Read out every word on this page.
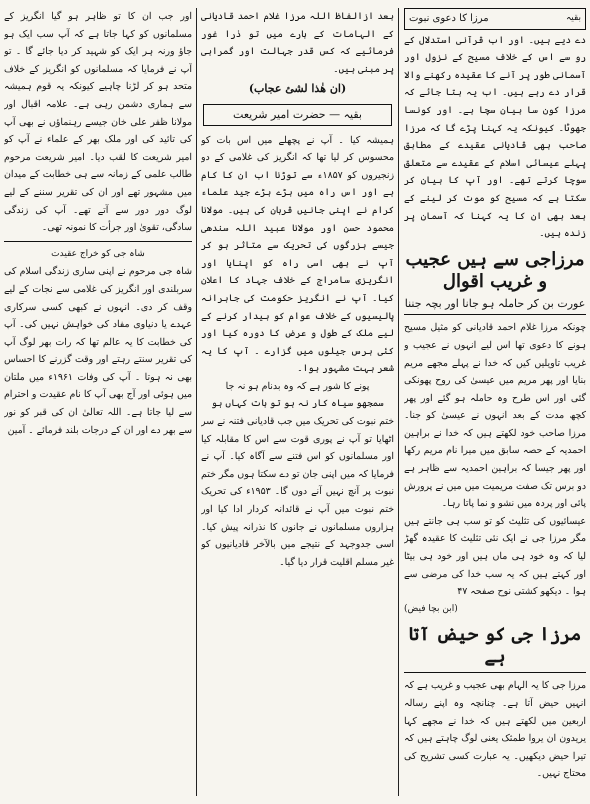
بقیہ
مرزا کا دعوی نبوت

دے دیے ہیں۔ اور اب قرآنی استدلال کے رو سے اس کے خلاف مسیح کے نزول اور آسمانی طور پر آنے کا عقیدہ رکھنے والا قرار دے رہے ہیں۔ اب یہ بتا جائے کہ مرزا کون سا بیان سچا ہے۔ اور کونسا جھوٹا۔ کیونکہ یہ کہنا پڑے گا کہ مرزا صاحب بھی قادیانی عقیدے کے مطابق پہلے عیسائی اسلام کے عقیدے سے متعلق سوچا کرتے تھے۔ اور آپ کا بیان کر سکتا ہے کہ مسیح کو موت کر لینے کے بعد بھی ان کا یہ کہنا کہ آسمان پر زندہ ہیں۔

مرزاجی سے ہیں عجیب و غریب اقوال
عورت بن کر حاملہ ہو جانا اور بچہ جننا

چونکہ مرزا غلام احمد قادیانی کو مثیل مسیح ہونے کا دعوی تھا اس لیے انہوں نے عجیب و غریب تاویلیں کیں کہ خدا نے پہلے مجھے مریم بنایا اور پھر مریم میں عیسیٰ کی روح پھونکی گئی اور اس طرح وہ حاملہ ہو گئے اور پھر کچھ مدت کے بعد انہوں نے عیسیٰ کو جنا۔ مرزا صاحب خود لکھتے ہیں کہ خدا نے براہین احمدیہ کے حصہ سابق میں میرا نام مریم رکھا اور پھر جیسا کہ براہین احمدیہ سے ظاہر ہے دو برس تک صفت مریمیت میں میں نے پرورش پائی اور پردہ میں نشو و نما پاتا رہا۔

عیسائیوں کی تثلیث کو تو سب ہی جانتے ہیں مگر مرزا جی نے ایک نئی تثلیث کا عقیدہ گھڑ لیا کہ وہ خود ہی ماں ہیں اور خود ہی بیٹا اور کہتے ہیں کہ یہ سب خدا کی مرضی سے ہوا ۔ دیکھو کشتی نوح صفحہ ۴۷

(ابن بچا فیض)
مرزا جی کو حیض آتا ہے

مرزا جی کا یہ الہام بھی عجیب و غریب ہے کہ انہیں حیض آتا ہے۔ چنانچہ وہ اپنے رسالہ اربعین میں لکھتے ہیں کہ خدا نے مجھے کہا یریدون ان یروا طمثک یعنی لوگ چاہتے ہیں کہ تیرا حیض دیکھیں۔ یہ عبارت کسی تشریح کی محتاج نہیں۔

بعد ازالفاظ اللہ مرزا غلام احمد قادیانی کے الہامات کے بارے میں تو ذرا غور فرمائیے کہ کس قدر جہالت اور گمراہی پر مبنی ہیں۔

(ان هٰذا لشئ عجاب)
بقیہ — حضرت امیر شریعت

ہمیشہ کیا ۔ آپ نے پچھلے میں اس بات کو محسوس کر لیا تھا کہ انگریز کی غلامی کے دو زنجیروں کو ۱۸۵۷ء سے توڑنا اب ان کا کام ہے اور اس راہ میں بڑے بڑے جید علماء کرام نے اپنی جانیں قربان کی ہیں۔ مولانا محمود حسن اور مولانا عبید اللہ سندھی جیسے بزرگوں کی تحریک سے متاثر ہو کر آپ نے بھی اسی راہ کو اپنایا اور انگریزی سامراج کے خلاف جہاد کا اعلان کیا۔ آپ نے انگریز حکومت کی جابرانہ پالیسیوں کے خلاف عوام کو بیدار کرنے کے لیے ملک کے طول و عرض کا دورہ کیا اور کئی برس جیلوں میں گزارے ۔ آپ کا یہ شعر بہت مشہور ہوا۔

پونے کا شور ہے کہ وہ بدنام ہو نہ جا
سمجھو سیاہ کار نہ ہو تو بات کہاں ہو

ختم نبوت کی تحریک میں جب قادیانی فتنہ نے سر اٹھایا تو آپ نے پوری قوت سے اس کا مقابلہ کیا اور مسلمانوں کو اس فتنے سے آگاہ کیا۔ آپ نے فرمایا کہ میں اپنی جان تو دے سکتا ہوں مگر ختم نبوت پر آنچ نہیں آنے دوں گا۔ ۱۹۵۳ء کی تحریک ختم نبوت میں آپ نے قائدانہ کردار ادا کیا اور ہزاروں مسلمانوں نے جانوں کا نذرانہ پیش کیا۔ اسی جدوجہد کے نتیجے میں بالآخر قادیانیوں کو غیر مسلم اقلیت قرار دیا گیا۔

اور جب ان کا تو ظاہر ہو گیا انگریز کے مسلمانوں کو کہا جاتا ہے کہ آپ سب ایک ہو جاؤ ورنہ ہر ایک کو شہید کر دیا جائے گا ۔ تو آپ نے فرمایا کہ مسلمانوں کو انگریز کے خلاف متحد ہو کر لڑنا چاہیے کیونکہ یہ قوم ہمیشہ سے ہماری دشمن رہی ہے۔ علامہ اقبال اور مولانا ظفر علی خان جیسے رہنماؤں نے بھی آپ کی تائید کی اور ملک بھر کے علماء نے آپ کو امیر شریعت کا لقب دیا۔ امیر شریعت مرحوم طالب علمی کے زمانہ سے ہی خطابت کے میدان میں مشہور تھے اور ان کی تقریر سننے کے لیے لوگ دور دور سے آتے تھے۔ آپ کی زندگی سادگی، تقویٰ اور جرأت کا نمونہ تھی۔

شاہ جی کو خراج عقیدت

شاہ جی مرحوم نے اپنی ساری زندگی اسلام کی سربلندی اور انگریز کی غلامی سے نجات کے لیے وقف کر دی۔ انہوں نے کبھی کسی سرکاری عہدے یا دنیاوی مفاد کی خواہش نہیں کی۔ آپ کی خطابت کا یہ عالم تھا کہ رات بھر لوگ آپ کی تقریر سنتے رہتے اور وقت گزرنے کا احساس بھی نہ ہوتا ۔ آپ کی وفات ۱۹۶۱ء میں ملتان میں ہوئی اور آج بھی آپ کا نام عقیدت و احترام سے لیا جاتا ہے۔ اللہ تعالیٰ ان کی قبر کو نور سے بھر دے اور ان کے درجات بلند فرمائے ۔ آمین
